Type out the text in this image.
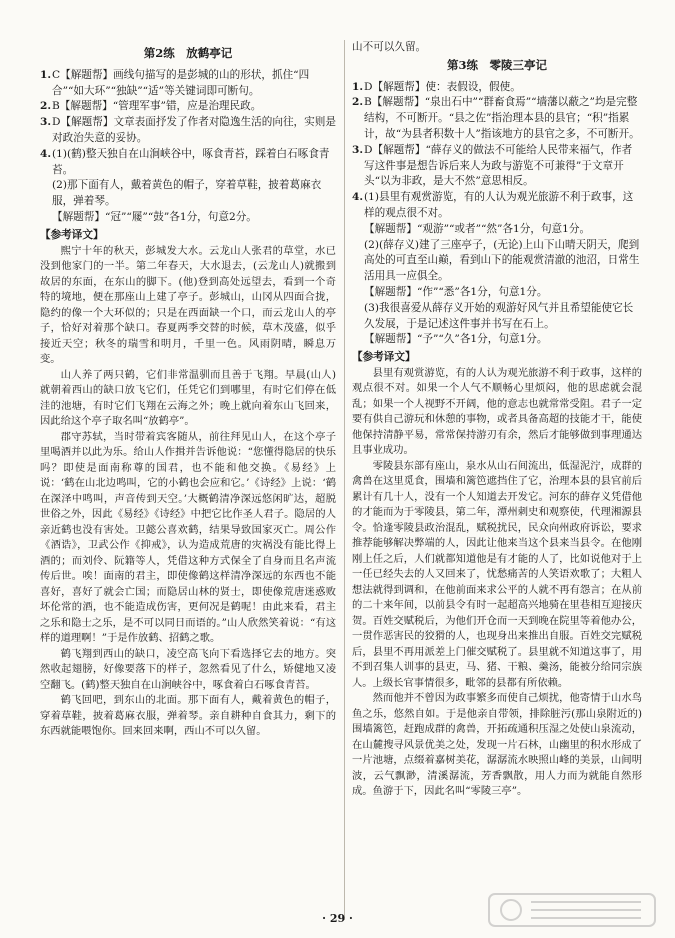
第2练　放鹤亭记
1. C【解题帮】画线句描写的是彭城的山的形状，抓住“四合”“如大环”“独缺”“适”等关键词即可断句。
2. B【解题帮】“管理军事”错，应是治理民政。
3. D【解题帮】文章表面抒发了作者对隐逸生活的向往，实则是对政治失意的妥协。
4. (1)(鹤)整天独自在山涧峡谷中，啄食青苔，踩着白石啄食青苔。
(2)那下面有人，戴着黄色的帽子，穿着草鞋，披着葛麻衣服，弹着琴。
【解题帮】“冠”“屦”“鼓”各1分，句意2分。
【参考译文】
熙宁十年的秋天，彭城发大水。云龙山人张君的草堂，水已没到他家门的一半。第二年春天，大水退去，(云龙山人)就搬到故居的东面，在东山的脚下。(他)登到高处远望去，看到一个奇特的境地，便在那座山上建了亭子。彭城山，山冈从四面合拢，隐约的像一个大环似的；只是在西面缺一个口，而云龙山人的亭子，恰好对着那个缺口。春夏两季交替的时候，草木茂盛，似乎接近天空；秋冬的瑞雪和明月，千里一色。风雨阴晴，瞬息万变。
山人养了两只鹤，它们非常温驯而且善于飞翔。早晨(山人)就朝着西山的缺口放飞它们，任凭它们到哪里，有时它们停在低洼的池塘，有时它们飞翔在云海之外；晚上就向着东山飞回来，因此给这个亭子取名叫“放鹤亭”。
郡守苏轼，当时带着宾客随从，前往拜见山人，在这个亭子里喝酒并以此为乐。给山人作揖并告诉他说：“您懂得隐居的快乐吗？即使是面南称尊的国君，也不能和他交换。《易经》上说：‘鹤在山北边鸣叫，它的小鹤也会应和它。’《诗经》上说：‘鹤在深泽中鸣叫，声音传到天空。’大概鹤清净深远悠闲旷达，超脱世俗之外，因此《易经》《诗经》中把它比作圣人君子。隐居的人亲近鹤也没有害处。卫懿公喜欢鹤，结果导致国家灭亡。周公作《酒诰》，卫武公作《抑戒》，认为造成荒唐的灾祸没有能比得上酒的；而刘伶、阮籍等人，凭借这种方式保全了自身而且名声流传后世。唉！面南的君主，即使像鹤这样清净深远的东西也不能喜好，喜好了就会亡国；而隐居山林的贤士，即使像荒唐迷惑败坏伦常的酒，也不能造成伤害，更何况是鹤呢！由此来看，君主之乐和隐士之乐，是不可以同日而语的。”山人欣然笑着说：“有这样的道理啊！”于是作放鹤、招鹤之歌。
鹤飞翔到西山的缺口，凌空高飞向下看选择它去的地方。突然收起翅膀，好像要落下的样子，忽然看见了什么，矫健地又凌空翻飞。(鹤)整天独自在山涧峡谷中，啄食着白石啄食青苔。
鹤飞回吧，到东山的北面。那下面有人，戴着黄色的帽子，穿着草鞋，披着葛麻衣服，弹着琴。亲自耕种自食其力，剩下的东西就能喂饱你。回来回来啊，西山不可以久留。
山不可以久留。
第3练　零陵三亭记
1. D【解题帮】使：表假设，假使。
2. B【解题帮】“泉出石中”“群畜食焉”“墙藩以蔽之”均是完整结构，不可断开。“县之佐”指治理本县的县官；“积”指累计，故“为县者积数十人”指该地方的县官之多，不可断开。
3. D【解题帮】“薛存义的做法不可能给人民带来福气，作者写这件事是想告诉后来人为政与游览不可兼得”于文章开头“以为非政，是大不然”意思相反。
4. (1)县里有观赏游览，有的人认为观光旅游不利于政事，这样的观点很不对。
【解题帮】“观游”“或者”“然”各1分，句意1分。
(2)(薛存义)建了三座亭子，(无论)上山下山晴天阴天，爬到高处的可直至山巅，看到山下的能观赏清澈的池沼，日常生活用具一应俱全。
【解题帮】“作”“悉”各1分，句意1分。
(3)我很喜爱从薛存义开始的观游好风气并且希望能使它长久发展，于是记述这件事并书写在石上。
【解题帮】“予”“久”各1分，句意1分。
【参考译文】
县里有观赏游览，有的人认为观光旅游不利于政事，这样的观点很不对。如果一个人气不顺畅心里烦闷，他的思虑就会混乱；如果一个人视野不开阔，他的意志也就常常受阻。君子一定要有供自己游玩和休憩的事物，或者具备高超的技能才干，能使他保持清静平易，常常保持游刃有余，然后才能够做到事理通达且事业成功。
零陵县东部有座山，泉水从山石间流出，低湿泥泞，成群的禽兽在这里觅食，围墙和篱笆遮挡住了它，治理本县的县官前后累计有几十人，没有一个人知道去开发它。河东的薛存义凭借他的才能而为于零陵县，第二年，潭州刺史和观察使，代理湘源县令。恰逢零陵县政治混乱，赋税扰民，民众向州政府诉讼，要求推荐能够解决弊端的人，因此让他来当这个县来当县令。在他刚刚上任之后，人们就都知道他是有才能的人了，比如说他对于上一任已经失去的人又回来了，忧愁痛苦的人笑语欢歌了；大粗人想法就得到调和，在他前面来求公平的人就不再有怨言；在从前的二十来年间，以前县令有时一起超高兴地骑在里巷相互迎接庆贺。百姓交赋税后，为他们开仓而一天到晚在院里等着他办公，一贯作恶害民的狡猾的人，也现身出来推出自服。百姓交完赋税后，县里不再用派差上门催交赋税了。县里就不知道这事了，用不到召集人训事的县吏，马、猪、干粮、羹汤，能被分给同宗族人。上级长官事情很多，毗邻的县都有所依赖。
然而他并不曾因为政事繁多而使自己烦扰，他寄情于山水鸟鱼之乐，悠然自如。于是他亲自带领，排除脏污(那山泉附近的)围墙篱笆，赶跑成群的禽兽，开拓疏通积压湿之处使山泉流动，在山麓搜寻风景优美之处，发现一片石林，山幽里的积水形成了一片池塘，点缀着嘉树美花，潺潺流水映照山峰的美景，山间明波，云气飘渺，清溪潺流，芳香飘散，用人力而为就能自然形成。鱼游于下，因此名叫“零陵三亭”。
· 29 ·
